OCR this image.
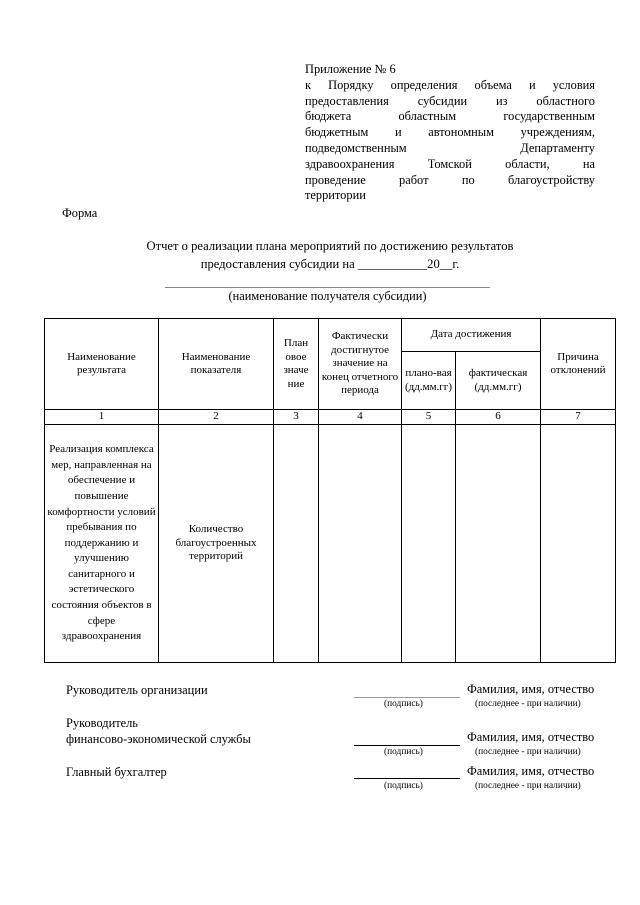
Приложение № 6
к Порядку определения объема и условия
предоставления субсидии из областного
бюджета областным государственным
бюджетным и автономным учреждениям,
подведомственным Департаменту
здравоохранения Томской области, на
проведение работ по благоустройству
территории
Форма
Отчет о реализации плана мероприятий по достижению результатов
предоставления субсидии на ___________20__г.
(наименование получателя субсидии)
Наименование результата	Наименование показателя	План овое значе ние	Фактически достигнутое значение на конец отчетного периода	Дата достижения		Причина отклонений
				плано-вая (дд.мм.гг)	фактическая (дд.мм.гг)	
1	2	3	4	5	6	7
Реализация комплекса мер, направленная на обеспечение и повышение комфортности условий пребывания по поддержанию и улучшению санитарного и эстетического состояния объектов в сфере здравоохранения	Количество благоустроенных территорий					
Руководитель организации	Фамилия, имя, отчество
(подпись)	(последнее - при наличии)
Руководитель
финансово-экономической службы	Фамилия, имя, отчество
(подпись)	(последнее - при наличии)
Главный бухгалтер	Фамилия, имя, отчество
(подпись)	(последнее - при наличии)
